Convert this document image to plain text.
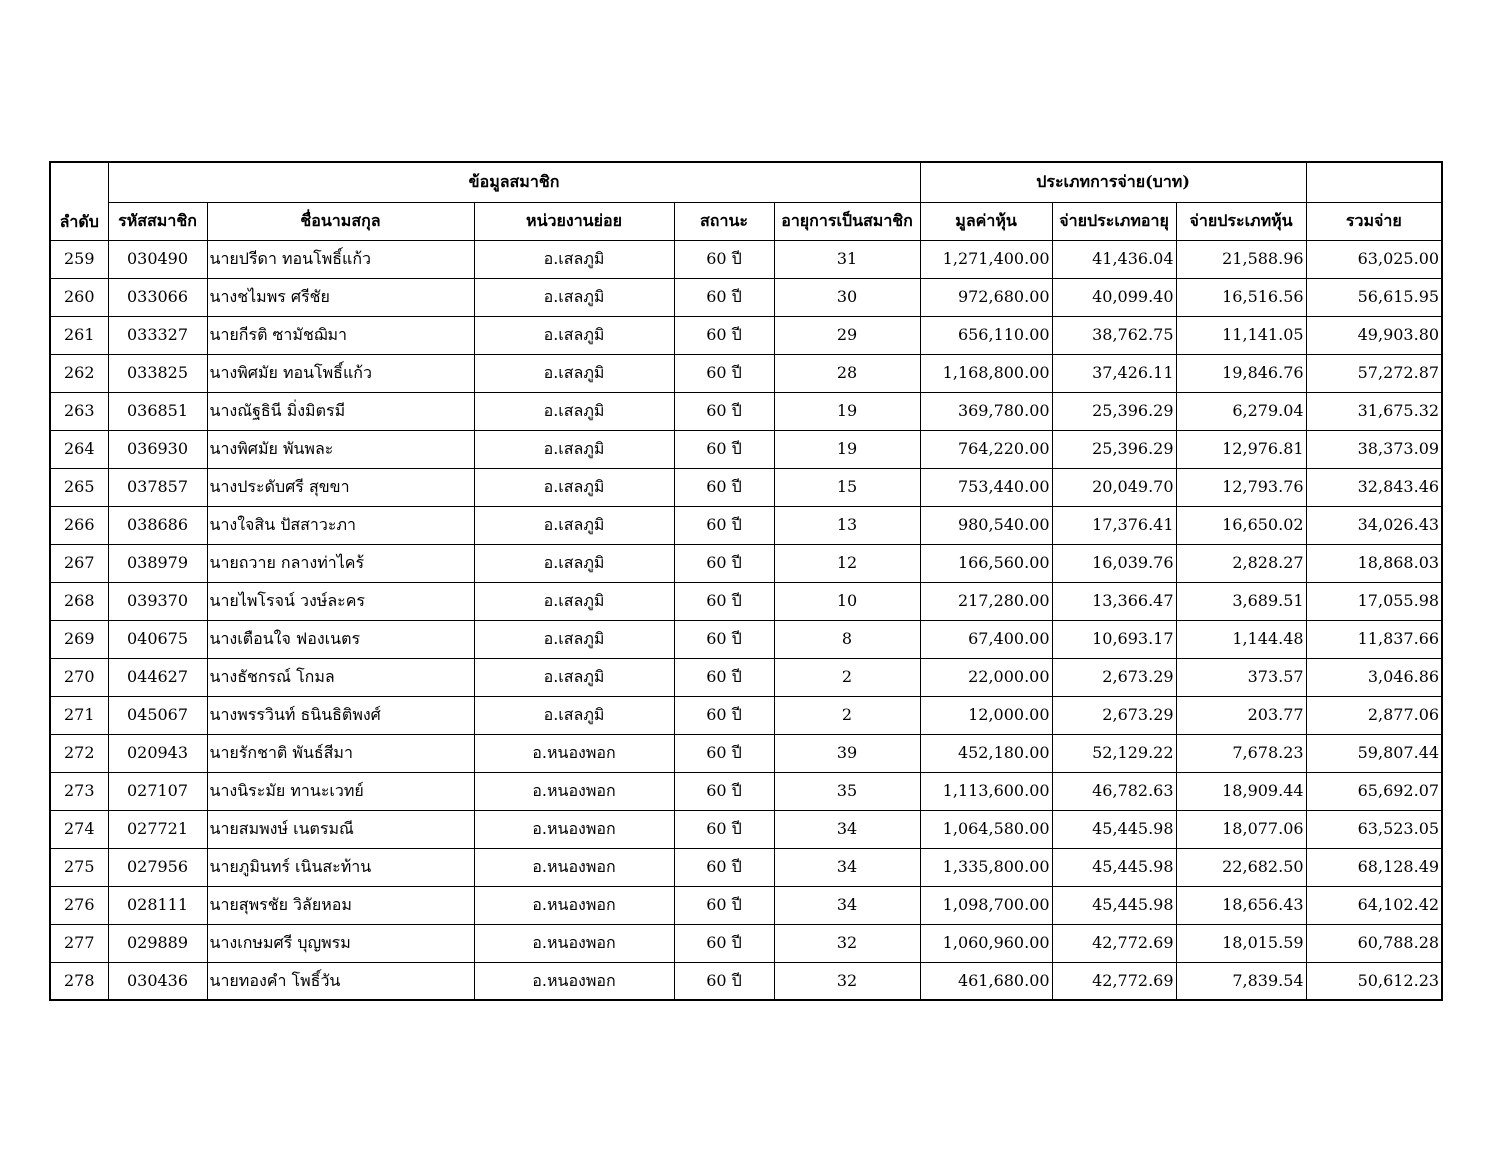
ลำดับ	ข้อมูลสมาชิก					ประเภทการจ่าย(บาท)			
	รหัสสมาชิก	ชื่อนามสกุล	หน่วยงานย่อย	สถานะ	อายุการเป็นสมาชิก	มูลค่าหุ้น	จ่ายประเภทอายุ	จ่ายประเภทหุ้น	รวมจ่าย
259	030490	นายปรีดา ทอนโพธิ์แก้ว	อ.เสลภูมิ	60 ปี	31	1,271,400.00	41,436.04	21,588.96	63,025.00
260	033066	นางชไมพร ศรีชัย	อ.เสลภูมิ	60 ปี	30	972,680.00	40,099.40	16,516.56	56,615.95
261	033327	นายกีรติ ซามัชฌิมา	อ.เสลภูมิ	60 ปี	29	656,110.00	38,762.75	11,141.05	49,903.80
262	033825	นางพิศมัย ทอนโพธิ์แก้ว	อ.เสลภูมิ	60 ปี	28	1,168,800.00	37,426.11	19,846.76	57,272.87
263	036851	นางณัฐธินี มิ่งมิตรมี	อ.เสลภูมิ	60 ปี	19	369,780.00	25,396.29	6,279.04	31,675.32
264	036930	นางพิศมัย พันพละ	อ.เสลภูมิ	60 ปี	19	764,220.00	25,396.29	12,976.81	38,373.09
265	037857	นางประดับศรี สุขขา	อ.เสลภูมิ	60 ปี	15	753,440.00	20,049.70	12,793.76	32,843.46
266	038686	นางใจสิน ปัสสาวะภา	อ.เสลภูมิ	60 ปี	13	980,540.00	17,376.41	16,650.02	34,026.43
267	038979	นายถวาย กลางท่าไคร้	อ.เสลภูมิ	60 ปี	12	166,560.00	16,039.76	2,828.27	18,868.03
268	039370	นายไพโรจน์ วงษ์ละคร	อ.เสลภูมิ	60 ปี	10	217,280.00	13,366.47	3,689.51	17,055.98
269	040675	นางเตือนใจ ฟองเนตร	อ.เสลภูมิ	60 ปี	8	67,400.00	10,693.17	1,144.48	11,837.66
270	044627	นางธัชกรณ์ โกมล	อ.เสลภูมิ	60 ปี	2	22,000.00	2,673.29	373.57	3,046.86
271	045067	นางพรรวินท์ ธนินธิติพงศ์	อ.เสลภูมิ	60 ปี	2	12,000.00	2,673.29	203.77	2,877.06
272	020943	นายรักชาติ พันธ์สีมา	อ.หนองพอก	60 ปี	39	452,180.00	52,129.22	7,678.23	59,807.44
273	027107	นางนิระมัย ทานะเวทย์	อ.หนองพอก	60 ปี	35	1,113,600.00	46,782.63	18,909.44	65,692.07
274	027721	นายสมพงษ์ เนตรมณี	อ.หนองพอก	60 ปี	34	1,064,580.00	45,445.98	18,077.06	63,523.05
275	027956	นายภูมินทร์ เนินสะท้าน	อ.หนองพอก	60 ปี	34	1,335,800.00	45,445.98	22,682.50	68,128.49
276	028111	นายสุพรชัย วิลัยหอม	อ.หนองพอก	60 ปี	34	1,098,700.00	45,445.98	18,656.43	64,102.42
277	029889	นางเกษมศรี บุญพรม	อ.หนองพอก	60 ปี	32	1,060,960.00	42,772.69	18,015.59	60,788.28
278	030436	นายทองคำ โพธิ์วัน	อ.หนองพอก	60 ปี	32	461,680.00	42,772.69	7,839.54	50,612.23
